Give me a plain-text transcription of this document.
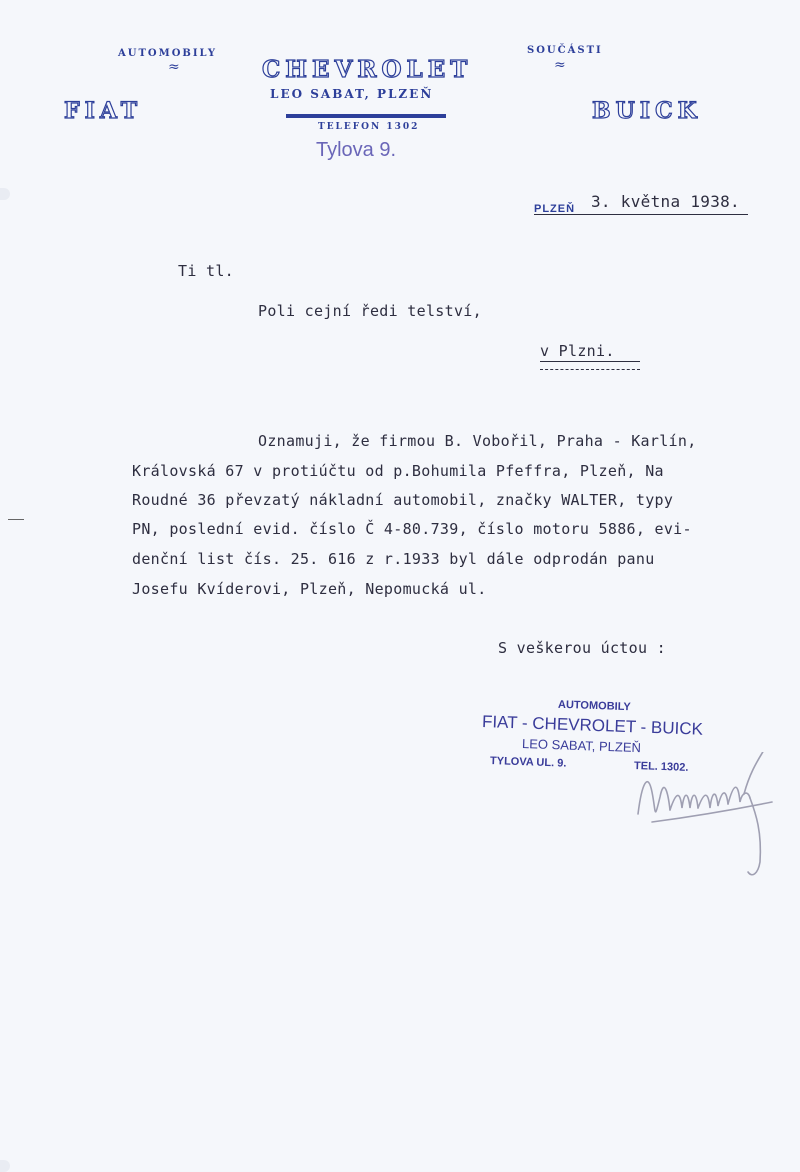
AUTOMOBILY
≈
SOUČÁSTI
≈
FIAT
CHEVROLET
BUICK
LEO SABAT, PLZEŇ
TELEFON 1302
Tylova 9.
PLZEŇ 3. května 1938.
Ti tl.
Poli cejní ředi telství,
v Plzni.
Oznamuji, že firmou B. Vobořil, Praha - Karlín,
Královská 67 v protiúčtu od p.Bohumila Pfeffra, Plzeň, Na
Roudné 36 převzatý nákladní automobil, značky WALTER, typy
PN, poslední evid. číslo Č 4-80.739, číslo motoru 5886, evi-
denční list čís. 25. 616 z r.1933 byl dále odprodán panu
Josefu Kvíderovi, Plzeň, Nepomucká ul.
S veškerou úctou :
AUTOMOBILY
FIAT - CHEVROLET - BUICK
LEO SABAT, PLZEŇ
TYLOVA UL. 9.	TEL. 1302.
